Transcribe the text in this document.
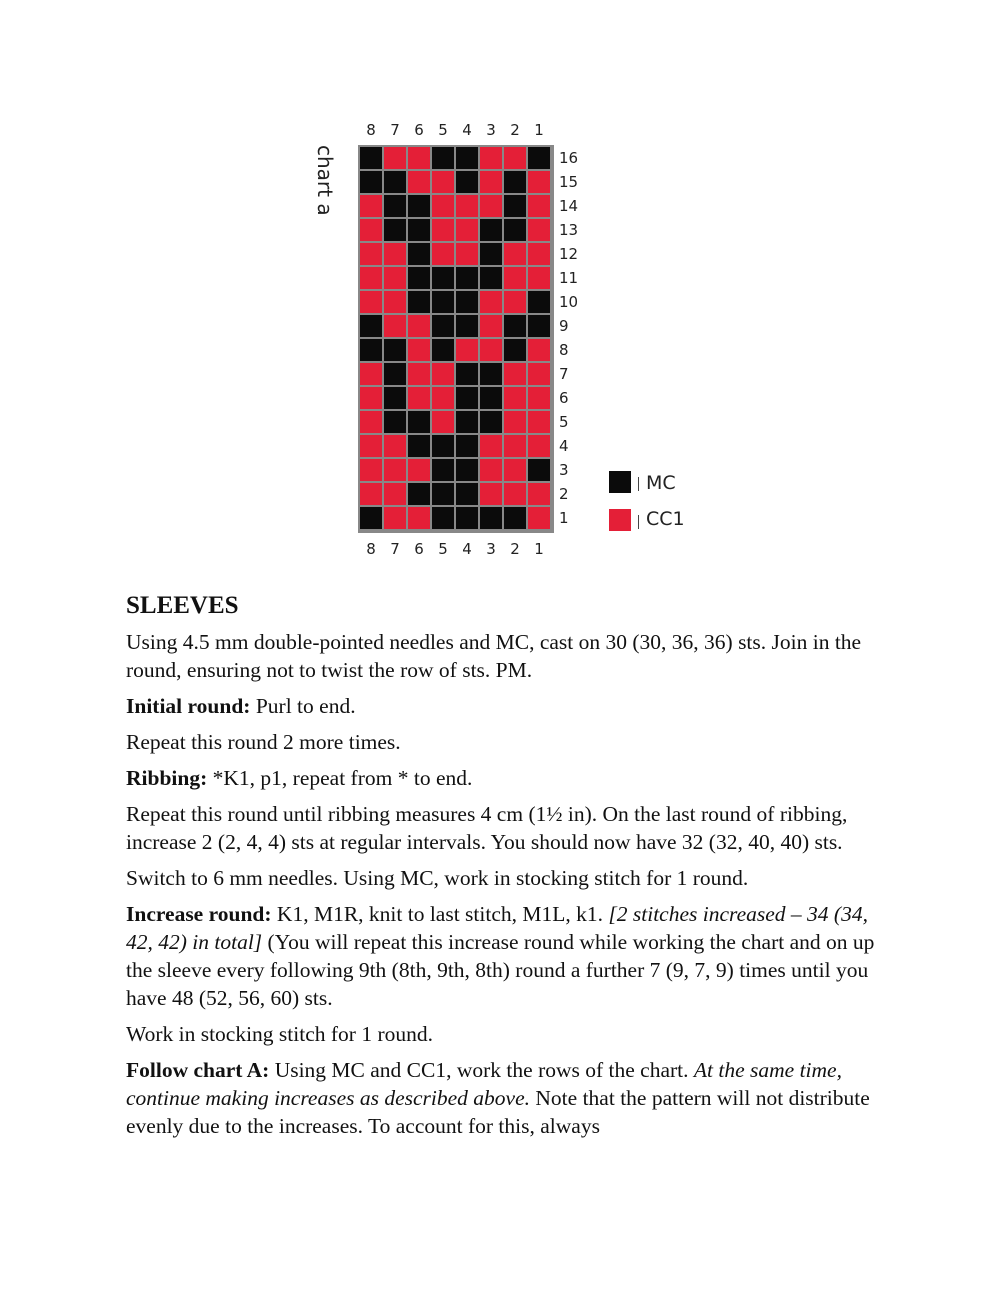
chart a
8 7 6 5 4 3 2 1
16
15
14
13
12
11
10
9
8
7
6
5
4
3
2
1
8 7 6 5 4 3 2 1
MC
CC1
SLEEVES

Using 4.5 mm double-pointed needles and MC, cast on 30 (30, 36, 36) sts. Join in the round, ensuring not to twist the row of sts. PM.

Initial round: Purl to end.

Repeat this round 2 more times.

Ribbing: *K1, p1, repeat from * to end.

Repeat this round until ribbing measures 4 cm (1½ in). On the last round of ribbing, increase 2 (2, 4, 4) sts at regular intervals. You should now have 32 (32, 40, 40) sts.

Switch to 6 mm needles. Using MC, work in stocking stitch for 1 round.

Increase round: K1, M1R, knit to last stitch, M1L, k1. [2 stitches increased – 34 (34, 42, 42) in total] (You will repeat this increase round while working the chart and on up the sleeve every following 9th (8th, 9th, 8th) round a further 7 (9, 7, 9) times until you have 48 (52, 56, 60) sts.

Work in stocking stitch for 1 round.

Follow chart A: Using MC and CC1, work the rows of the chart. At the same time, continue making increases as described above. Note that the pattern will not distribute evenly due to the increases. To account for this, always
